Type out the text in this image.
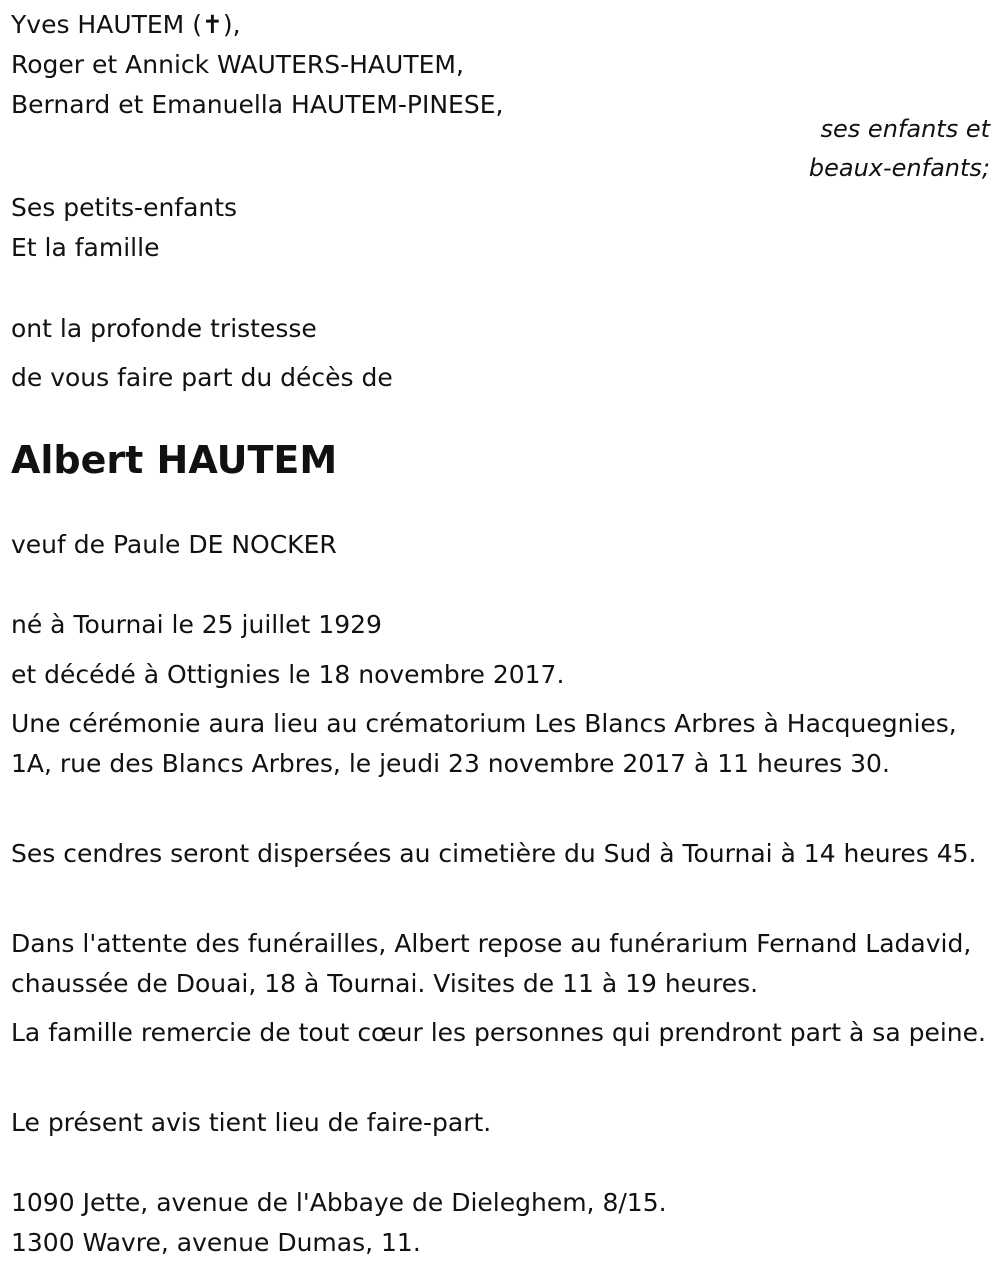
Yves HAUTEM (✝),

Roger et Annick WAUTERS-HAUTEM,

Bernard et Emanuella HAUTEM-PINESE,

ses enfants et
beaux-enfants;

Ses petits-enfants

Et la famille

ont la profonde tristesse

de vous faire part du décès de

Albert HAUTEM

veuf de Paule DE NOCKER

né à Tournai le 25 juillet 1929

et décédé à Ottignies le 18 novembre 2017.

Une cérémonie aura lieu au crématorium Les Blancs Arbres à Hacquegnies, 1A, rue des Blancs Arbres, le jeudi 23 novembre 2017 à 11 heures 30.

Ses cendres seront dispersées au cimetière du Sud à Tournai à 14 heures 45.

Dans l'attente des funérailles, Albert repose au funérarium Fernand Ladavid, chaussée de Douai, 18 à Tournai. Visites de 11 à 19 heures.

La famille remercie de tout cœur les personnes qui prendront part à sa peine.

Le présent avis tient lieu de faire-part.

1090 Jette, avenue de l'Abbaye de Dieleghem, 8/15.

1300 Wavre, avenue Dumas, 11.
